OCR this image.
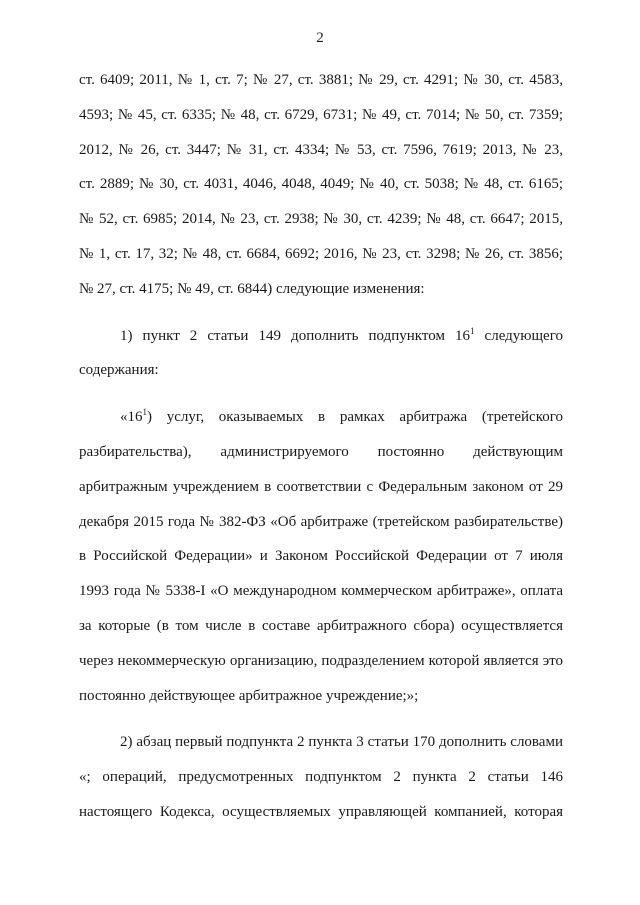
2
ст. 6409; 2011, № 1, ст. 7; № 27, ст. 3881; № 29, ст. 4291; № 30, ст. 4583,
4593; № 45, ст. 6335; № 48, ст. 6729, 6731; № 49, ст. 7014; № 50, ст. 7359;
2012, № 26, ст. 3447; № 31, ст. 4334; № 53, ст. 7596, 7619; 2013, № 23,
ст. 2889; № 30, ст. 4031, 4046, 4048, 4049; № 40, ст. 5038; № 48, ст. 6165;
№ 52, ст. 6985; 2014, № 23, ст. 2938; № 30, ст. 4239; № 48, ст. 6647; 2015,
№ 1, ст. 17, 32; № 48, ст. 6684, 6692; 2016, № 23, ст. 3298; № 26, ст. 3856;
№ 27, ст. 4175; № 49, ст. 6844) следующие изменения:
1) пункт 2 статьи 149 дополнить подпунктом $16^1$ следующего
содержания:
«$16^1$) услуг, оказываемых в рамках арбитража (третейского
разбирательства), администрируемого постоянно действующим
арбитражным учреждением в соответствии с Федеральным законом от 29
декабря 2015 года № 382-ФЗ «Об арбитраже (третейском разбирательстве)
в Российской Федерации» и Законом Российской Федерации от 7 июля
1993 года № 5338-I «О международном коммерческом арбитраже», оплата
за которые (в том числе в составе арбитражного сбора) осуществляется
через некоммерческую организацию, подразделением которой является это
постоянно действующее арбитражное учреждение;»;
2) абзац первый подпункта 2 пункта 3 статьи 170 дополнить словами
«; операций, предусмотренных подпунктом 2 пункта 2 статьи 146
настоящего Кодекса, осуществляемых управляющей компанией, которая
